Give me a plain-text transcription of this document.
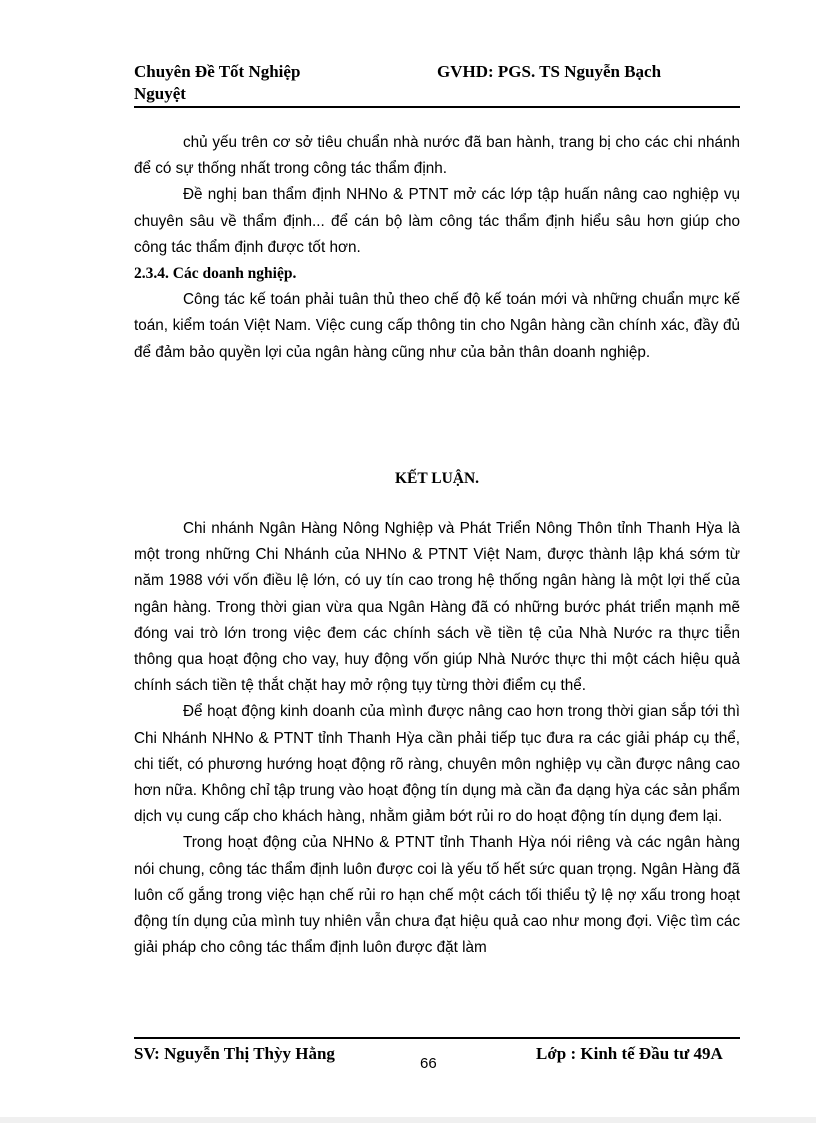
Chuyên Đề Tốt Nghiệp
Nguyệt
GVHD: PGS. TS Nguyễn Bạch

chủ yếu trên cơ sở tiêu chuẩn nhà nước đã ban hành, trang bị cho các chi nhánh để có sự thống nhất trong công tác thẩm định.

Đề nghị ban thẩm định NHNo & PTNT mở các lớp tập huấn nâng cao nghiệp vụ chuyên sâu về thẩm định... để cán bộ làm công tác thẩm định hiểu sâu hơn giúp cho công tác thẩm định được tốt hơn.

2.3.4. Các doanh nghiệp.

Công tác kế toán phải tuân thủ theo chế độ kế toán mới và những chuẩn mực kế toán, kiểm toán Việt Nam. Việc cung cấp thông tin cho Ngân hàng cần chính xác, đầy đủ để đảm bảo quyền lợi của ngân hàng cũng như của bản thân doanh nghiệp.

KẾT LUẬN.

Chi nhánh Ngân Hàng Nông Nghiệp và Phát Triển Nông Thôn tỉnh Thanh Hỳa là một trong những Chi Nhánh của NHNo & PTNT Việt Nam, được thành lập khá sớm từ năm 1988 với vốn điều lệ lớn, có uy tín cao trong hệ thống ngân hàng là một lợi thế của ngân hàng. Trong thời gian vừa qua Ngân Hàng đã có những bước phát triển mạnh mẽ đóng vai trò lớn trong việc đem các chính sách về tiền tệ của Nhà Nước ra thực tiễn thông qua hoạt động cho vay, huy động vốn giúp Nhà Nước thực thi một cách hiệu quả chính sách tiền tệ thắt chặt hay mở rộng tụy từng thời điểm cụ thể.

Để hoạt động kinh doanh của mình được nâng cao hơn trong thời gian sắp tới thì Chi Nhánh NHNo & PTNT tỉnh Thanh Hỳa cần phải tiếp tục đưa ra các giải pháp cụ thể, chi tiết, có phương hướng hoạt động rõ ràng, chuyên môn nghiệp vụ cần được nâng cao hơn nữa. Không chỉ tập trung vào hoạt động tín dụng mà cần đa dạng hỳa các sản phẩm dịch vụ cung cấp cho khách hàng, nhằm giảm bớt rủi ro do hoạt động tín dụng đem lại.

Trong hoạt động của NHNo & PTNT tỉnh Thanh Hỳa nói riêng và các ngân hàng nói chung, công tác thẩm định luôn được coi là yếu tố hết sức quan trọng. Ngân Hàng đã luôn cố gắng trong việc hạn chế rủi ro hạn chế một cách tối thiểu tỷ lệ nợ xấu trong hoạt động tín dụng của mình tuy nhiên vẫn chưa đạt hiệu quả cao như mong đợi. Việc tìm các giải pháp cho công tác thẩm định luôn được đặt làm

SV: Nguyễn Thị Thỳy Hằng	Lớp : Kinh tế Đầu tư 49A
66
